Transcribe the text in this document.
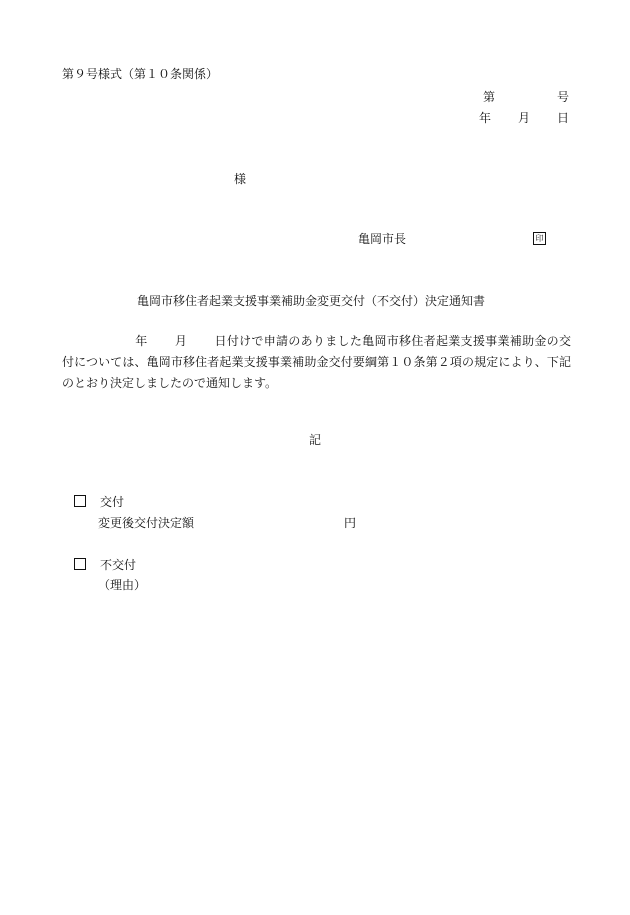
第９号様式（第１０条関係）
第	号
年 月 日
様
亀岡市長	印
亀岡市移住者起業支援事業補助金変更交付（不交付）決定通知書
年 月 日付けで申請のありました亀岡市移住者起業支援事業補助金の交付については、亀岡市移住者起業支援事業補助金交付要綱第１０条第２項の規定により、下記のとおり決定しましたので通知します。
記
交付
変更後交付決定額	円
不交付
（理由）
